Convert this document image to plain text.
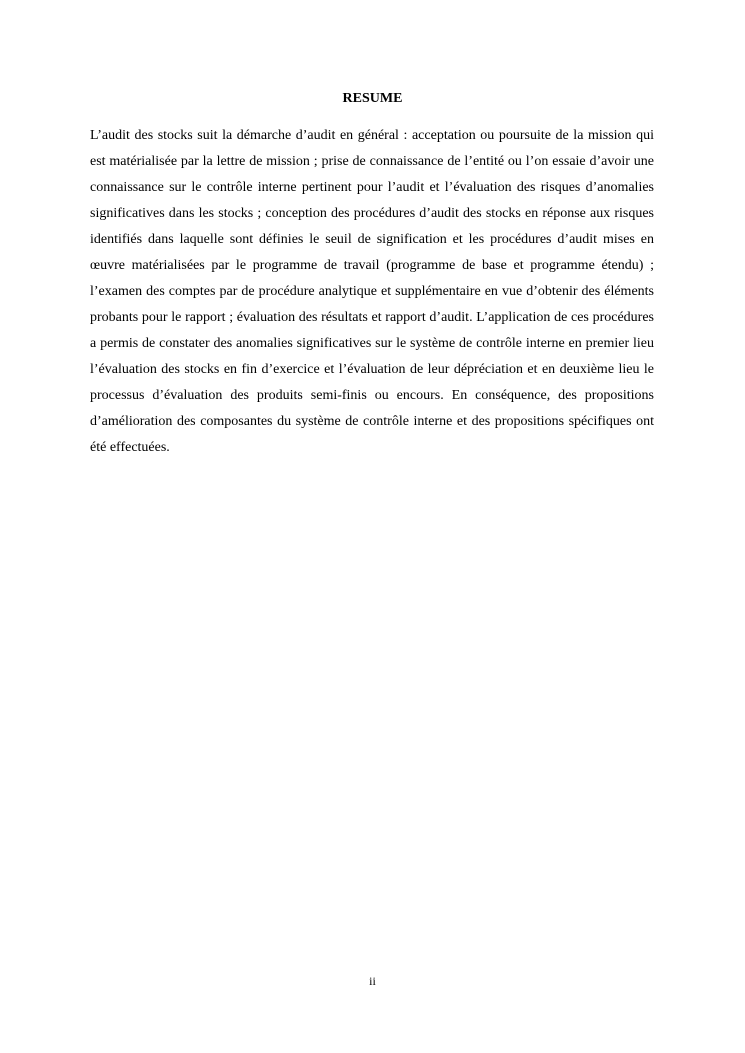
RESUME

L’audit des stocks suit la démarche d’audit en général : acceptation ou poursuite de la mission qui est matérialisée par la lettre de mission ; prise de connaissance de l’entité ou l’on essaie d’avoir une connaissance sur le contrôle interne pertinent pour l’audit et l’évaluation des risques d’anomalies significatives dans les stocks ; conception des procédures d’audit des stocks en réponse aux risques identifiés dans laquelle sont définies le seuil de signification et les procédures d’audit mises en œuvre matérialisées par le programme de travail (programme de base et programme étendu) ; l’examen des comptes par de procédure analytique et supplémentaire en vue d’obtenir des éléments probants pour le rapport ; évaluation des résultats et rapport d’audit. L’application de ces procédures a permis de constater des anomalies significatives sur le système de contrôle interne en premier lieu l’évaluation des stocks en fin d’exercice et l’évaluation de leur dépréciation et en deuxième lieu le processus d’évaluation des produits semi-finis ou encours. En conséquence, des propositions d’amélioration des composantes du système de contrôle interne et des propositions spécifiques ont été effectuées.

ii
